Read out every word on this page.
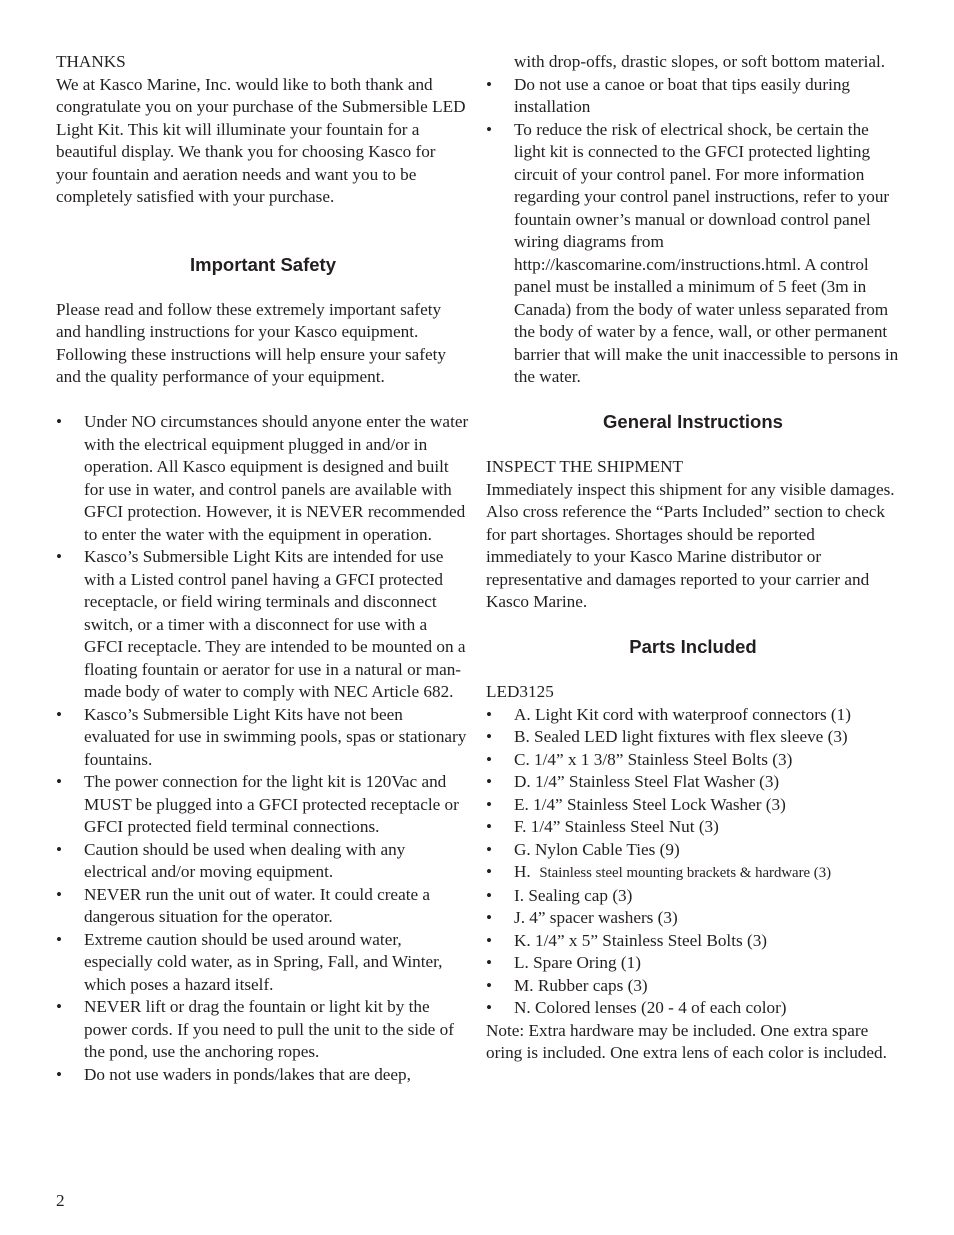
THANKS

We at Kasco Marine, Inc. would like to both thank and congratulate you on your purchase of the Submersible LED Light Kit. This kit will illuminate your fountain for a beautiful display. We thank you for choosing Kasco for your fountain and aeration needs and want you to be completely satisfied with your purchase.

Important Safety

Please read and follow these extremely important safety and handling instructions for your Kasco equipment. Following these instructions will help ensure your safety and the quality performance of your equipment.

• Under NO circumstances should anyone enter the water with the electrical equipment plugged in and/or in operation. All Kasco equipment is designed and built for use in water, and control panels are available with GFCI protection. However, it is NEVER recommended to enter the water with the equipment in operation.
• Kasco’s Submersible Light Kits are intended for use with a Listed control panel having a GFCI protected receptacle, or field wiring terminals and disconnect switch, or a timer with a disconnect for use with a GFCI receptacle. They are intended to be mounted on a floating fountain or aerator for use in a natural or man-made body of water to comply with NEC Article 682.
• Kasco’s Submersible Light Kits have not been evaluated for use in swimming pools, spas or stationary fountains.
• The power connection for the light kit is 120Vac and MUST be plugged into a GFCI protected receptacle or GFCI protected field terminal connections.
• Caution should be used when dealing with any electrical and/or moving equipment.
• NEVER run the unit out of water. It could create a dangerous situation for the operator.
• Extreme caution should be used around water, especially cold water, as in Spring, Fall, and Winter, which poses a hazard itself.
• NEVER lift or drag the fountain or light kit by the power cords. If you need to pull the unit to the side of the pond, use the anchoring ropes.
• Do not use waders in ponds/lakes that are deep,

with drop-offs, drastic slopes, or soft bottom material.

• Do not use a canoe or boat that tips easily during installation
• To reduce the risk of electrical shock, be certain the light kit is connected to the GFCI protected lighting circuit of your control panel. For more information regarding your control panel instructions, refer to your fountain owner’s manual or download control panel wiring diagrams from http://kascomarine.com/instructions.html. A control panel must be installed a minimum of 5 feet (3m in Canada) from the body of water unless separated from the body of water by a fence, wall, or other permanent barrier that will make the unit inaccessible to persons in the water.
General Instructions

INSPECT THE SHIPMENT

Immediately inspect this shipment for any visible damages. Also cross reference the “Parts Included” section to check for part shortages. Shortages should be reported immediately to your Kasco Marine distributor or representative and damages reported to your carrier and Kasco Marine.

Parts Included

LED3125

• A. Light Kit cord with waterproof connectors (1)
• B. Sealed LED light fixtures with flex sleeve (3)
• C. 1/4” x 1 3/8” Stainless Steel Bolts (3)
• D. 1/4” Stainless Steel Flat Washer (3)
• E. 1/4” Stainless Steel Lock Washer (3)
• F. 1/4” Stainless Steel Nut (3)
• G. Nylon Cable Ties (9)
• H. Stainless steel mounting brackets & hardware (3)
• I. Sealing cap (3)
• J. 4” spacer washers (3)
• K. 1/4” x 5” Stainless Steel Bolts (3)
• L. Spare Oring (1)
• M. Rubber caps (3)
• N. Colored lenses (20 - 4 of each color)

Note: Extra hardware may be included. One extra spare oring is included. One extra lens of each color is included.

2
